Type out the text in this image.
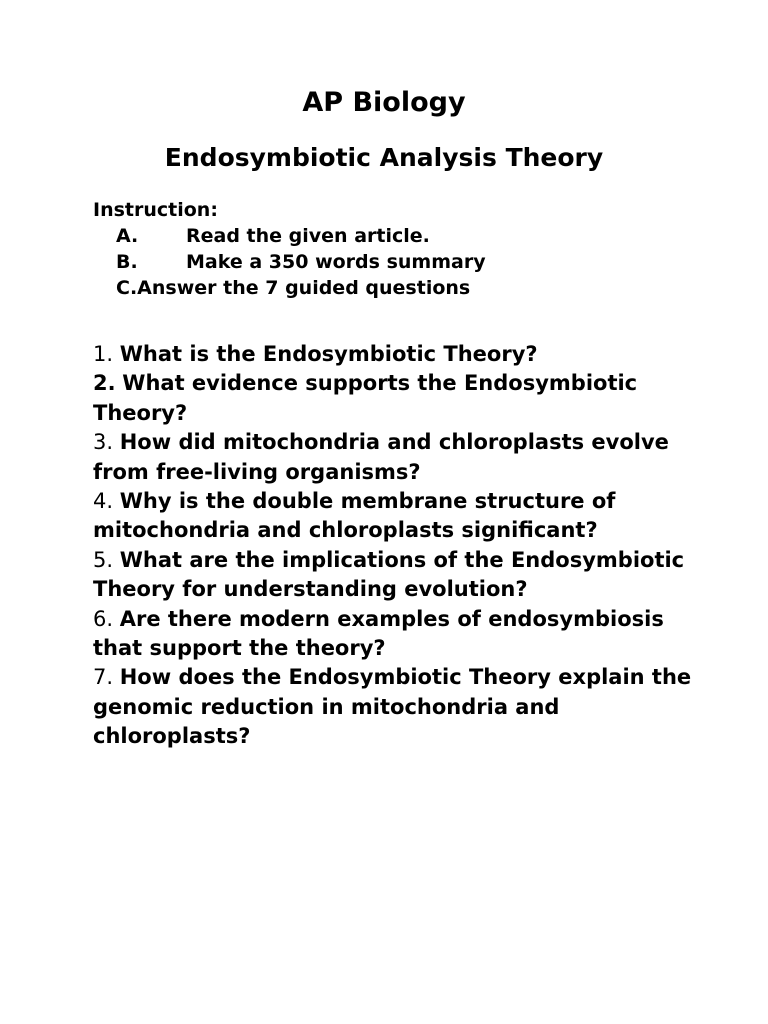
AP Biology
Endosymbiotic Analysis Theory

Instruction:

A.	Read the given article.
B.	Make a 350 words summary
C.Answer the 7 guided questions
1. What is the Endosymbiotic Theory?
2. What evidence supports the Endosymbiotic Theory?
3. How did mitochondria and chloroplasts evolve from free-living organisms?
4. Why is the double membrane structure of mitochondria and chloroplasts significant?
5. What are the implications of the Endosymbiotic Theory for understanding evolution?
6. Are there modern examples of endosymbiosis that support the theory?
7. How does the Endosymbiotic Theory explain the genomic reduction in mitochondria and chloroplasts?
